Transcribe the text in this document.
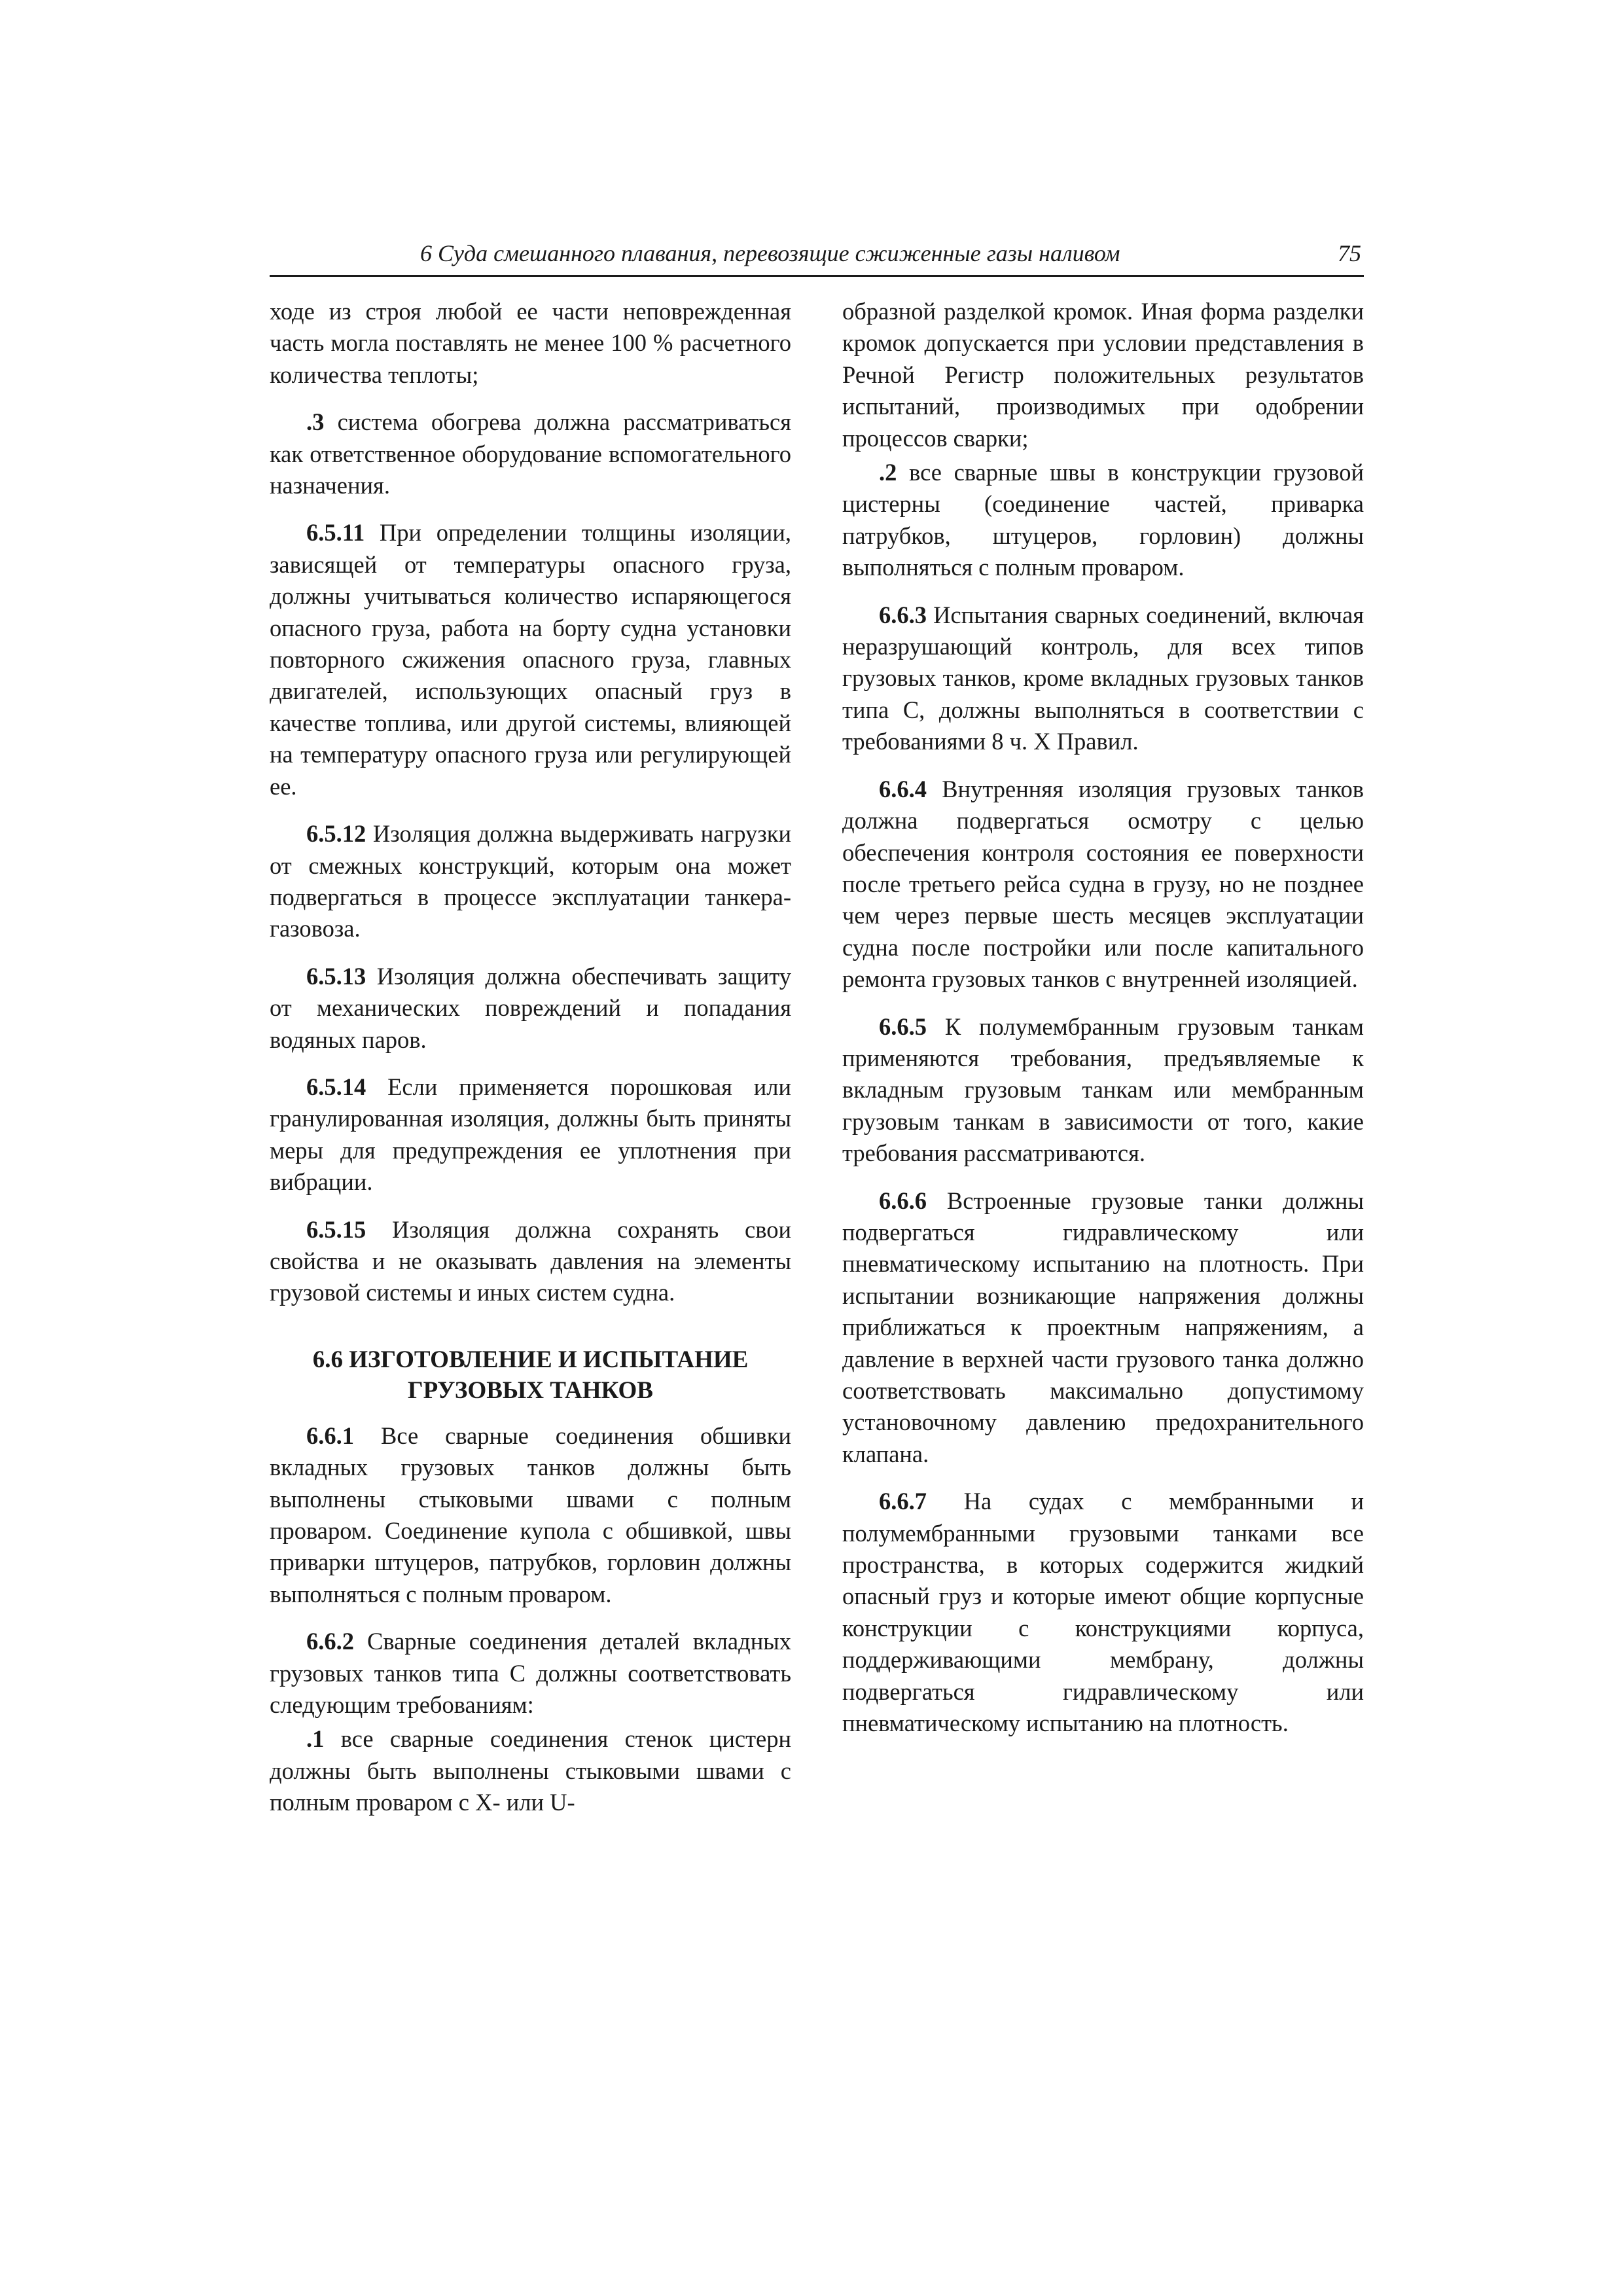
6 Суда смешанного плавания, перевозящие сжиженные газы наливом	75

ходе из строя любой ее части неповрежденная часть могла поставлять не менее 100 % расчетного количества теплоты;

.3 система обогрева должна рассматриваться как ответственное оборудование вспомогательного назначения.

6.5.11 При определении толщины изоляции, зависящей от температуры опасного груза, должны учитываться количество испаряющегося опасного груза, работа на борту судна установки повторного сжижения опасного груза, главных двигателей, использующих опасный груз в качестве топлива, или другой системы, влияющей на температуру опасного груза или регулирующей ее.

6.5.12 Изоляция должна выдерживать нагрузки от смежных конструкций, которым она может подвергаться в процессе эксплуатации танкера-газовоза.

6.5.13 Изоляция должна обеспечивать защиту от механических повреждений и попадания водяных паров.

6.5.14 Если применяется порошковая или гранулированная изоляция, должны быть приняты меры для предупреждения ее уплотнения при вибрации.

6.5.15 Изоляция должна сохранять свои свойства и не оказывать давления на элементы грузовой системы и иных систем судна.

6.6 ИЗГОТОВЛЕНИЕ И ИСПЫТАНИЕ ГРУЗОВЫХ ТАНКОВ

6.6.1 Все сварные соединения обшивки вкладных грузовых танков должны быть выполнены стыковыми швами с полным проваром. Соединение купола с обшивкой, швы приварки штуцеров, патрубков, горловин должны выполняться с полным проваром.

6.6.2 Сварные соединения деталей вкладных грузовых танков типа С должны соответствовать следующим требованиям:

.1 все сварные соединения стенок цистерн должны быть выполнены стыковыми швами с полным проваром с X- или U-

образной разделкой кромок. Иная форма разделки кромок допускается при условии представления в Речной Регистр положительных результатов испытаний, производимых при одобрении процессов сварки;

.2 все сварные швы в конструкции грузовой цистерны (соединение частей, приварка патрубков, штуцеров, горловин) должны выполняться с полным проваром.

6.6.3 Испытания сварных соединений, включая неразрушающий контроль, для всех типов грузовых танков, кроме вкладных грузовых танков типа С, должны выполняться в соответствии с требованиями 8 ч. X Правил.

6.6.4 Внутренняя изоляция грузовых танков должна подвергаться осмотру с целью обеспечения контроля состояния ее поверхности после третьего рейса судна в грузу, но не позднее чем через первые шесть месяцев эксплуатации судна после постройки или после капитального ремонта грузовых танков с внутренней изоляцией.

6.6.5 К полумембранным грузовым танкам применяются требования, предъявляемые к вкладным грузовым танкам или мембранным грузовым танкам в зависимости от того, какие требования рассматриваются.

6.6.6 Встроенные грузовые танки должны подвергаться гидравлическому или пневматическому испытанию на плотность. При испытании возникающие напряжения должны приближаться к проектным напряжениям, а давление в верхней части грузового танка должно соответствовать максимально допустимому установочному давлению предохранительного клапана.

6.6.7 На судах с мембранными и полумембранными грузовыми танками все пространства, в которых содержится жидкий опасный груз и которые имеют общие корпусные конструкции с конструкциями корпуса, поддерживающими мембрану, должны подвергаться гидравлическому или пневматическому испытанию на плотность.
